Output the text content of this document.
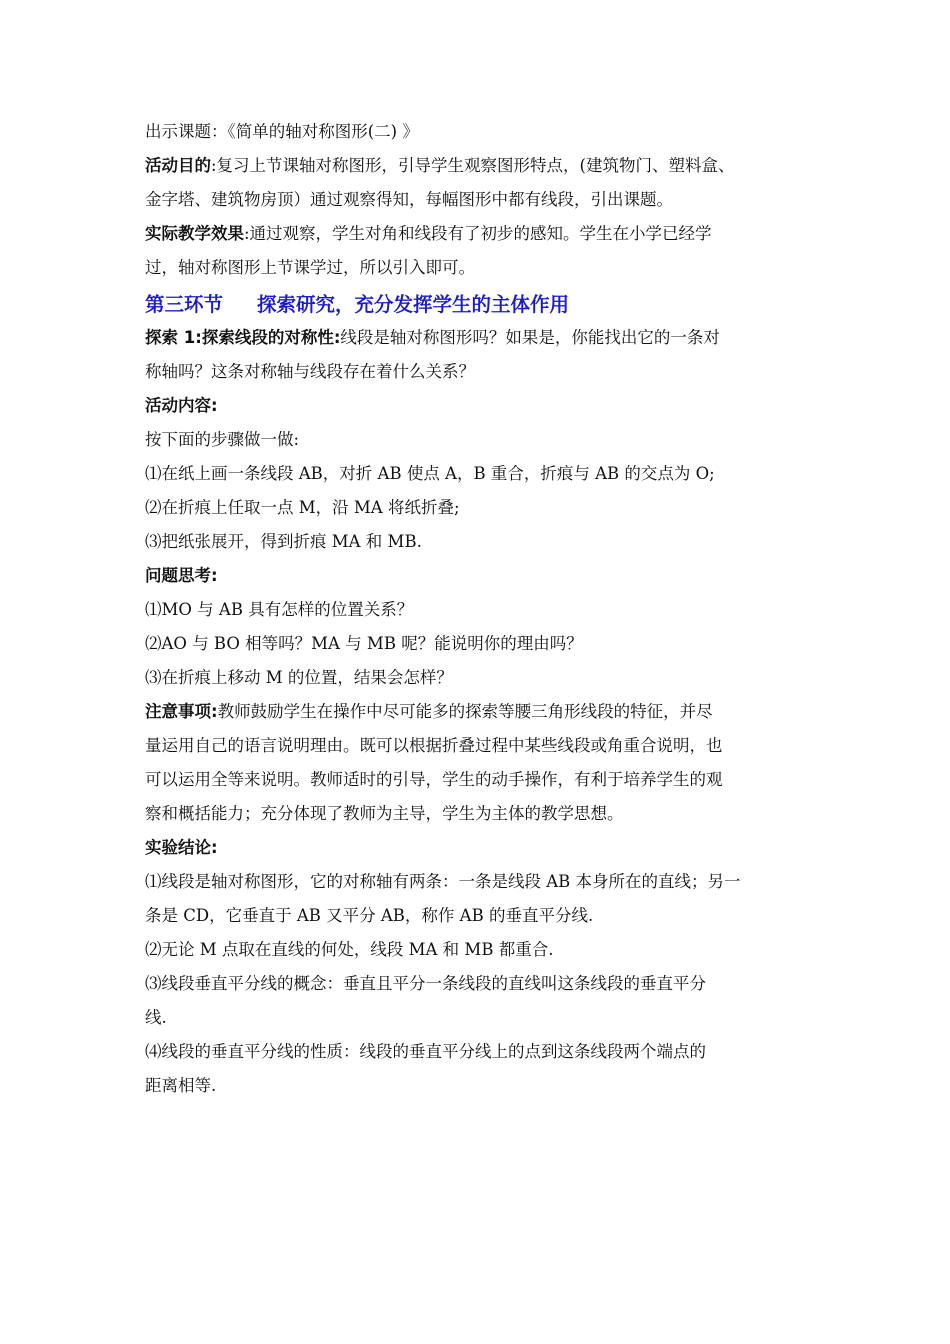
出示课题：《简单的轴对称图形(二) 》

活动目的:复习上节课轴对称图形，引导学生观察图形特点，(建筑物门、塑料盒、
金字塔、建筑物房顶）通过观察得知，每幅图形中都有线段，引出课题。
实际教学效果:通过观察，学生对角和线段有了初步的感知。学生在小学已经学
过，轴对称图形上节课学过，所以引入即可。

第三环节 探索研究，充分发挥学生的主体作用

探索 1:探索线段的对称性:线段是轴对称图形吗？如果是，你能找出它的一条对
称轴吗？这条对称轴与线段存在着什么关系？

活动内容:

按下面的步骤做一做:

⑴在纸上画一条线段 AB，对折 AB 使点 A，B 重合，折痕与 AB 的交点为 O;

⑵在折痕上任取一点 M，沿 MA 将纸折叠;

⑶把纸张展开，得到折痕 MA 和 MB.

问题思考:

⑴MO 与 AB 具有怎样的位置关系？

⑵AO 与 BO 相等吗？MA 与 MB 呢？能说明你的理由吗？

⑶在折痕上移动 M 的位置，结果会怎样？

注意事项:教师鼓励学生在操作中尽可能多的探索等腰三角形线段的特征，并尽
量运用自己的语言说明理由。既可以根据折叠过程中某些线段或角重合说明，也
可以运用全等来说明。教师适时的引导，学生的动手操作，有利于培养学生的观
察和概括能力；充分体现了教师为主导，学生为主体的教学思想。

实验结论:

⑴线段是轴对称图形，它的对称轴有两条：一条是线段 AB 本身所在的直线；另一
条是 CD，它垂直于 AB 又平分 AB，称作 AB 的垂直平分线.

⑵无论 M 点取在直线的何处，线段 MA 和 MB 都重合.

⑶线段垂直平分线的概念：垂直且平分一条线段的直线叫这条线段的垂直平分
线.
⑷线段的垂直平分线的性质：线段的垂直平分线上的点到这条线段两个端点的
距离相等.
